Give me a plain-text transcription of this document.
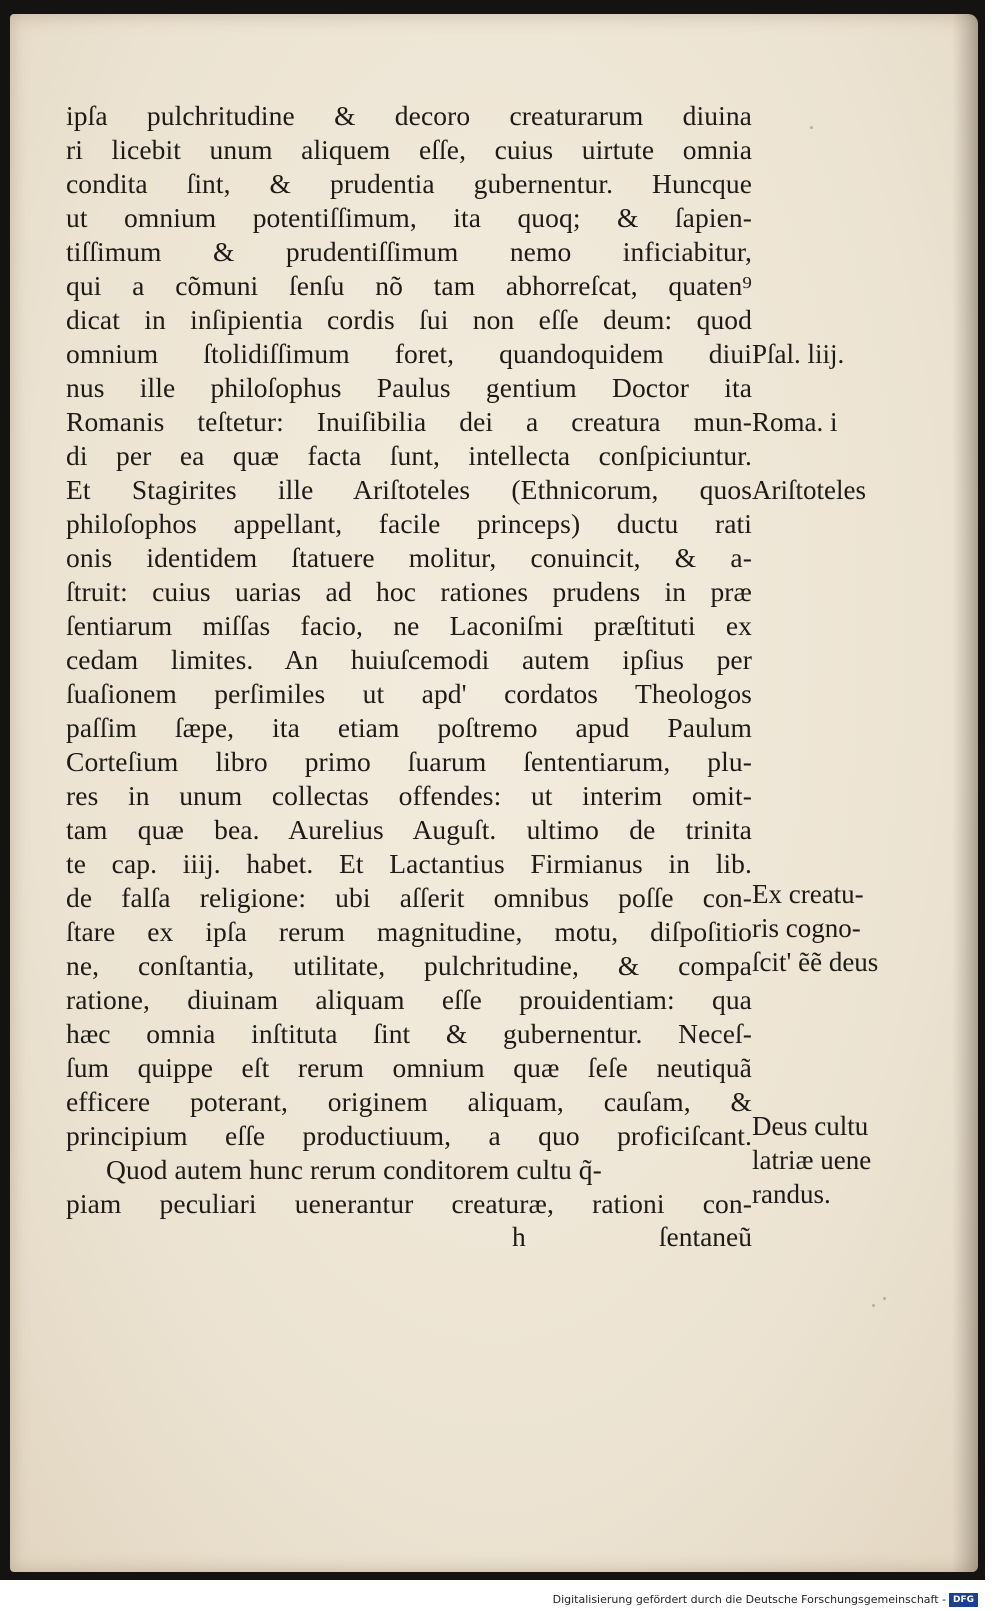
ipſa pulchritudine & decoro creaturarum diuina
ri licebit unum aliquem eſſe, cuius uirtute omnia
condita ſint, & prudentia gubernentur. Huncque
ut omnium potentiſſimum, ita quoq; & ſapien-
tiſſimum & prudentiſſimum nemo inficiabitur,
qui a cõmuni ſenſu nõ tam abhorreſcat, quaten⁹
dicat in inſipientia cordis ſui non eſſe deum: quod
omnium ſtolidiſſimum foret, quandoquidem diui
nus ille philoſophus Paulus gentium Doctor ita
Romanis teſtetur: Inuiſibilia dei a creatura mun-
di per ea quæ facta ſunt, intellecta conſpiciuntur.
Et Stagirites ille Ariſtoteles (Ethnicorum, quos
philoſophos appellant, facile princeps) ductu rati
onis identidem ſtatuere molitur, conuincit, & a-
ſtruit: cuius uarias ad hoc rationes prudens in præ
ſentiarum miſſas facio, ne Laconiſmi præſtituti ex
cedam limites. An huiuſcemodi autem ipſius per
ſuaſionem perſimiles ut apd' cordatos Theologos
paſſim ſæpe, ita etiam poſtremo apud Paulum
Corteſium libro primo ſuarum ſententiarum, plu-
res in unum collectas offendes: ut interim omit-
tam quæ bea. Aurelius Auguſt. ultimo de trinita
te cap. iiij. habet. Et Lactantius Firmianus in lib.
de falſa religione: ubi aſſerit omnibus poſſe con-
ſtare ex ipſa rerum magnitudine, motu, diſpoſitio
ne, conſtantia, utilitate, pulchritudine, & compa
ratione, diuinam aliquam eſſe prouidentiam: qua
hæc omnia inſtituta ſint & gubernentur. Neceſ-
ſum quippe eſt rerum omnium quæ ſeſe neutiquã
efficere poterant, originem aliquam, cauſam, &
principium eſſe productiuum, a quo proficiſcant.
Quod autem hunc rerum conditorem cultu q̃-
piam peculiari uenerantur creaturæ, rationi con-
h	ſentaneũ
Pſal. liij.
Roma. i
Ariſtoteles
Ex creatu-
ris cogno-
ſcit' ẽẽ deus
Deus cultu
latriæ uene
randus.
Digitalisierung gefördert durch die Deutsche Forschungsgemeinschaft - DFG
